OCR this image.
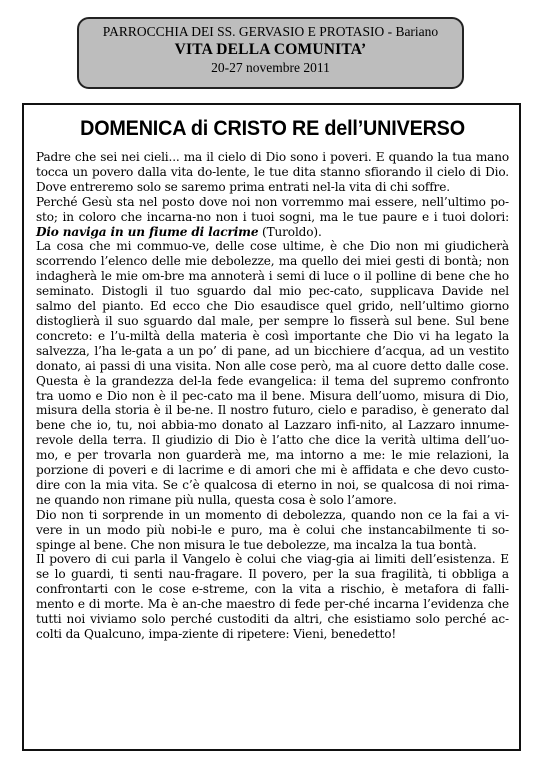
PARROCCHIA DEI SS. GERVASIO E PROTASIO - Bariano
VITA DELLA COMUNITA’
20-27 novembre 2011
DOMENICA di CRISTO RE dell’UNIVERSO

Padre che sei nei cieli... ma il cielo di Dio sono i poveri. E quando la tua mano tocca un povero dalla vita do-lente, le tue dita stanno sfiorando il cielo di Dio. Dove entreremo solo se saremo prima entrati nel-la vita di chi soffre.

Perché Gesù sta nel posto dove noi non vorremmo mai essere, nell’ultimo po-sto; in coloro che incarna-no non i tuoi sogni, ma le tue paure e i tuoi dolori: Dio naviga in un fiume di lacrime (Turoldo).

La cosa che mi commuo-ve, delle cose ultime, è che Dio non mi giudicherà scorrendo l’elenco delle mie debolezze, ma quello dei miei gesti di bontà; non indagherà le mie om-bre ma annoterà i semi di luce o il polline di bene che ho seminato. Distogli il tuo sguardo dal mio pec-cato, supplicava Davide nel salmo del pianto. Ed ecco che Dio esaudisce quel grido, nell’ultimo giorno distoglierà il suo sguardo dal male, per sempre lo fisserà sul bene. Sul bene concreto: e l’u-miltà della materia è così importante che Dio vi ha legato la salvezza, l’ha le-gata a un po’ di pane, ad un bicchiere d’acqua, ad un vestito donato, ai passi di una visita. Non alle cose però, ma al cuore detto dalle cose. Questa è la grandezza del-la fede evangelica: il tema del supremo confronto tra uomo e Dio non è il pec-cato ma il bene. Misura dell’uomo, misura di Dio, misura della storia è il be-ne. Il nostro futuro, cielo e paradiso, è generato dal bene che io, tu, noi abbia-mo donato al Lazzaro infi-nito, al Lazzaro innume-revole della terra. Il giudizio di Dio è l’atto che dice la verità ultima dell’uo-mo, e per trovarla non guarderà me, ma intorno a me: le mie relazioni, la porzione di poveri e di lacrime e di amori che mi è affidata e che devo custo-dire con la mia vita. Se c’è qualcosa di eterno in noi, se qualcosa di noi rima-ne quando non rimane più nulla, questa cosa è solo l’amore.

Dio non ti sorprende in un momento di debolezza, quando non ce la fai a vi-vere in un modo più nobi-le e puro, ma è colui che instancabilmente ti so-spinge al bene. Che non misura le tue debolezze, ma incalza la tua bontà.

Il povero di cui parla il Vangelo è colui che viag-gia ai limiti dell’esistenza. E se lo guardi, ti senti nau-fragare. Il povero, per la sua fragilità, ti obbliga a confrontarti con le cose e-streme, con la vita a rischio, è metafora di falli-mento e di morte. Ma è an-che maestro di fede per-ché incarna l’evidenza che tutti noi viviamo solo perché custoditi da altri, che esistiamo solo perché ac-colti da Qualcuno, impa-ziente di ripetere: Vieni, benedetto!
